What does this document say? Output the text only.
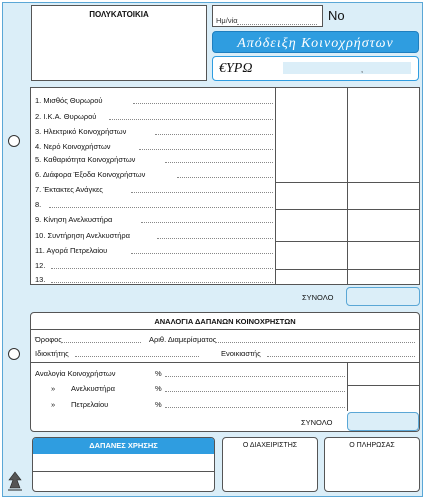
ΠΟΛΥΚΑΤΟΙΚΙΑ
Ημ/νία	Νο
Απόδειξη Κοινοχρήστων
€ΥΡΩ	,
1. Μισθός Θυρωρού
2. Ι.Κ.Α. Θυρωρού
3. Ηλεκτρικό Κοινοχρήστων
4. Νερό Κοινοχρήστων
5. Καθαριότητα Κοινοχρήστων
6. Διάφορα Έξοδα Κοινοχρήστων
7. Έκτακτες Ανάγκες
8.
9. Κίνηση Ανελκυστήρα
10. Συντήρηση Ανελκυστήρα
11. Αγορά Πετρελαίου
12.
13.
ΣΥΝΟΛΟ
ΑΝΑΛΟΓΙΑ ΔΑΠΑΝΩΝ ΚΟΙΝΟΧΡΗΣΤΩΝ
Όροφος	Αριθ. Διαμερίσματος
Ιδιοκτήτης	Ενοικιαστής
Αναλογία Κοινοχρήστων	%
» Ανελκυστήρα	%
» Πετρελαίου	%
ΣΥΝΟΛΟ
ΔΑΠΑΝΕΣ ΧΡΗΣΗΣ	Ο ΔΙΑΧΕΙΡΙΣΤΗΣ	Ο ΠΛΗΡΩΣΑΣ
